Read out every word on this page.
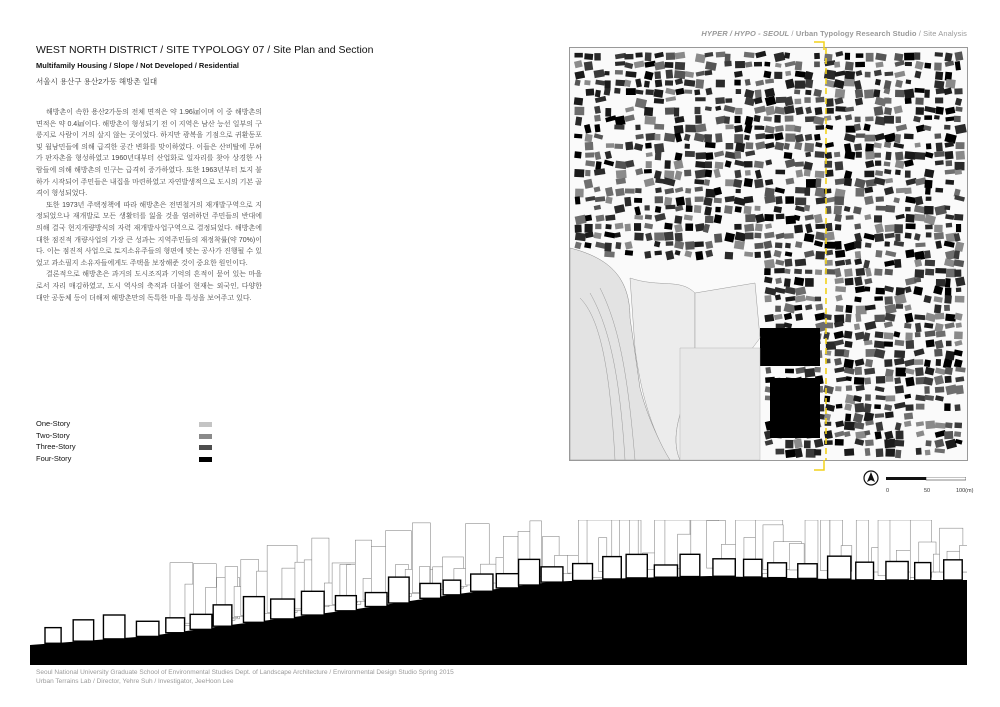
HYPER / HYPO - SEOUL / Urban Typology Research Studio / Site Analysis
WEST NORTH DISTRICT / SITE TYPOLOGY 07 / Site Plan and Section
Multifamily Housing / Slope / Not Developed / Residential
서울시 용산구 용산2가동 해방촌 일대

해방촌이 속한 용산2가동의 전체 면적은 약 1.96㎢이며 이 중 해방촌의 면적은 약 0.4㎢이다. 해방촌이 형성되기 전 이 지역은 남산 능선 일부의 구릉지로 사람이 거의 살지 않는 곳이었다. 하지만 광복을 기점으로 귀환동포 및 월남민들에 의해 급격한 공간 변화를 맞이하였다. 이들은 산비탈에 무허가 판자촌을 형성하였고 1960년대부터 산업화로 일자리를 찾아 상경한 사람들에 의해 해방촌의 인구는 급격히 증가하였다. 또한 1963년부터 토지 불하가 시작되어 주민들은 내집을 마련하였고 자연발생적으로 도시의 기본 골격이 형성되었다.

또한 1973년 주택정책에 따라 해방촌은 전면철거의 재개발구역으로 지정되었으나 재개발로 모든 생활터를 잃을 것을 염려하던 주민들의 반대에 의해 결국 현지개량방식의 자력 재개발사업구역으로 결정되었다. 해방촌에 대한 점진적 개량사업의 가장 큰 성과는 지역주민들의 재정착률(약 70%)이다. 이는 점진적 사업으로 토지소유주들의 형편에 맞는 공사가 진행될 수 있었고 과소필지 소유자들에게도 주택을 보장해준 것이 중요한 원인이다.

결론적으로 해방촌은 과거의 도시조직과 기억의 흔적이 묻어 있는 마을로서 자리 매김하였고, 도시 역사의 축적과 더불어 현재는 외국인, 다양한 대안 공동체 등이 더해져 해방촌만의 독특한 마을 특성을 보여주고 있다.

One-Story
Two-Story
Three-Story
Four-Story
0	50	100(m)
Seoul National University Graduate School of Environmental Studies Dept. of Landscape Architecture / Environmental Design Studio Spring 2015
Urban Terrains Lab / Director, Yehre Suh / Investigator, JeeHoon Lee
